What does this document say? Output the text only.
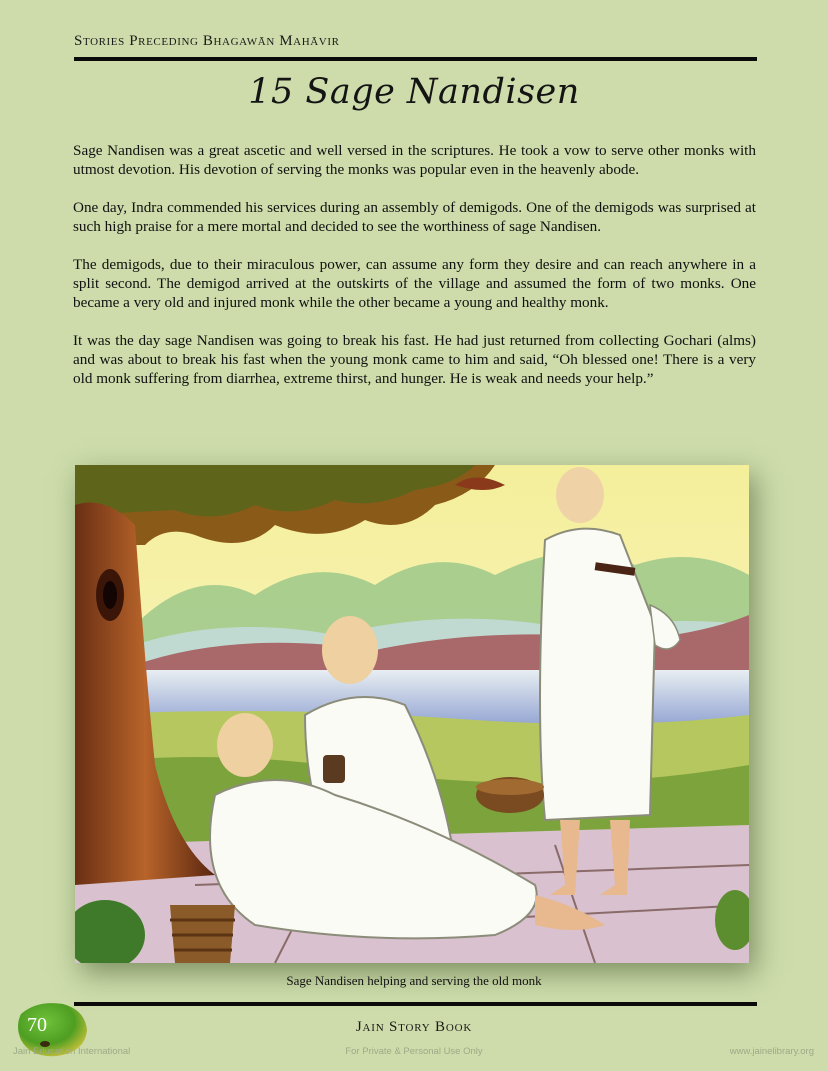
Stories Preceding Bhagawān Mahāvir
15 Sage Nandisen

Sage Nandisen was a great ascetic and well versed in the scriptures. He took a vow to serve other monks with utmost devotion. His devotion of serving the monks was popular even in the heavenly abode.

One day, Indra commended his services during an assembly of demigods. One of the demigods was surprised at such high praise for a mere mortal and decided to see the worthiness of sage Nandisen.

The demigods, due to their miraculous power, can assume any form they desire and can reach anywhere in a split second. The demigod arrived at the outskirts of the village and assumed the form of two monks. One became a very old and injured monk while the other became a young and healthy monk.

It was the day sage Nandisen was going to break his fast. He had just returned from collecting Gochari (alms) and was about to break his fast when the young monk came to him and said, “Oh blessed one! There is a very old monk suffering from diarrhea, extreme thirst, and hunger. He is weak and needs your help.”

Sage Nandisen helping and serving the old monk
70	Jain Story Book
Jain Education International	For Private & Personal Use Only	www.jainelibrary.org
